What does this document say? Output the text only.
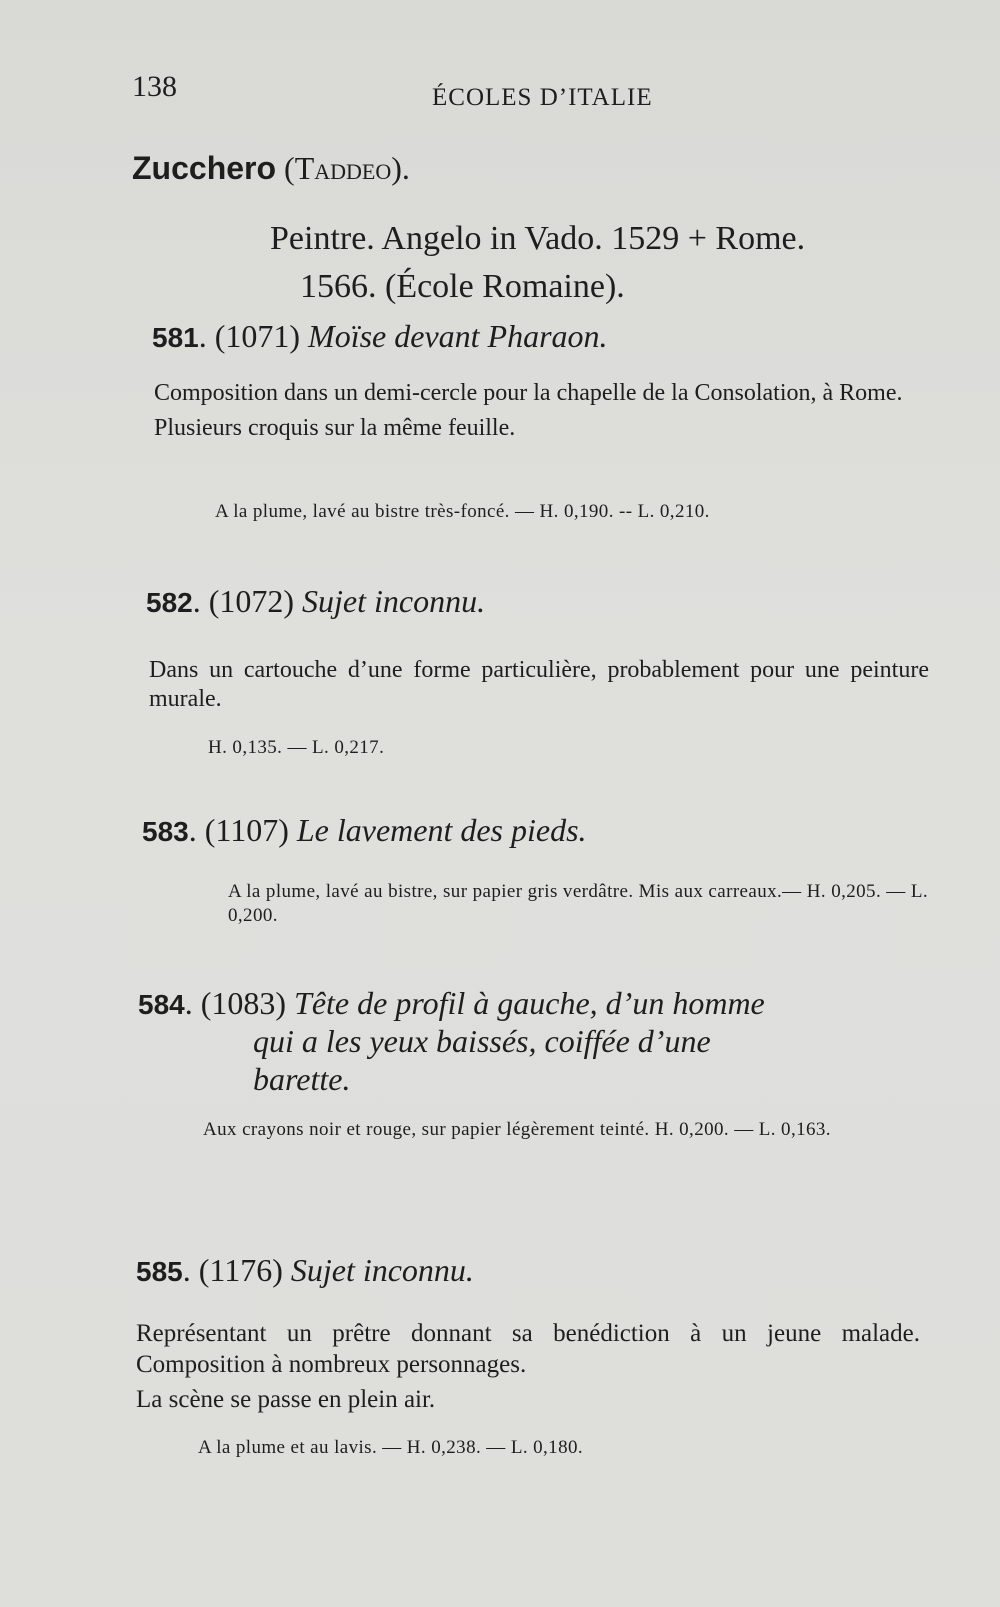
138	ÉCOLES D’ITALIE
Zucchero (Taddeo).
Peintre. Angelo in Vado. 1529 + Rome.
1566. (École Romaine).
581. (1071) Moïse devant Pharaon.
Composition dans un demi-cercle pour la chapelle de la Consolation, à Rome.
Plusieurs croquis sur la même feuille.
A la plume, lavé au bistre très-foncé. — H. 0,190. -- L. 0,210.
582. (1072) Sujet inconnu.
Dans un cartouche d’une forme particulière, probablement pour une peinture murale.
H. 0,135. — L. 0,217.
583. (1107) Le lavement des pieds.
A la plume, lavé au bistre, sur papier gris verdâtre. Mis aux carreaux.— H. 0,205. — L. 0,200.
584. (1083) Tête de profil à gauche, d’un homme
qui a les yeux baissés, coiffée d’une
barette.
Aux crayons noir et rouge, sur papier légèrement teinté. H. 0,200. — L. 0,163.
585. (1176) Sujet inconnu.
Représentant un prêtre donnant sa benédiction à un jeune malade. Composition à nombreux personnages.
La scène se passe en plein air.
A la plume et au lavis. — H. 0,238. — L. 0,180.
